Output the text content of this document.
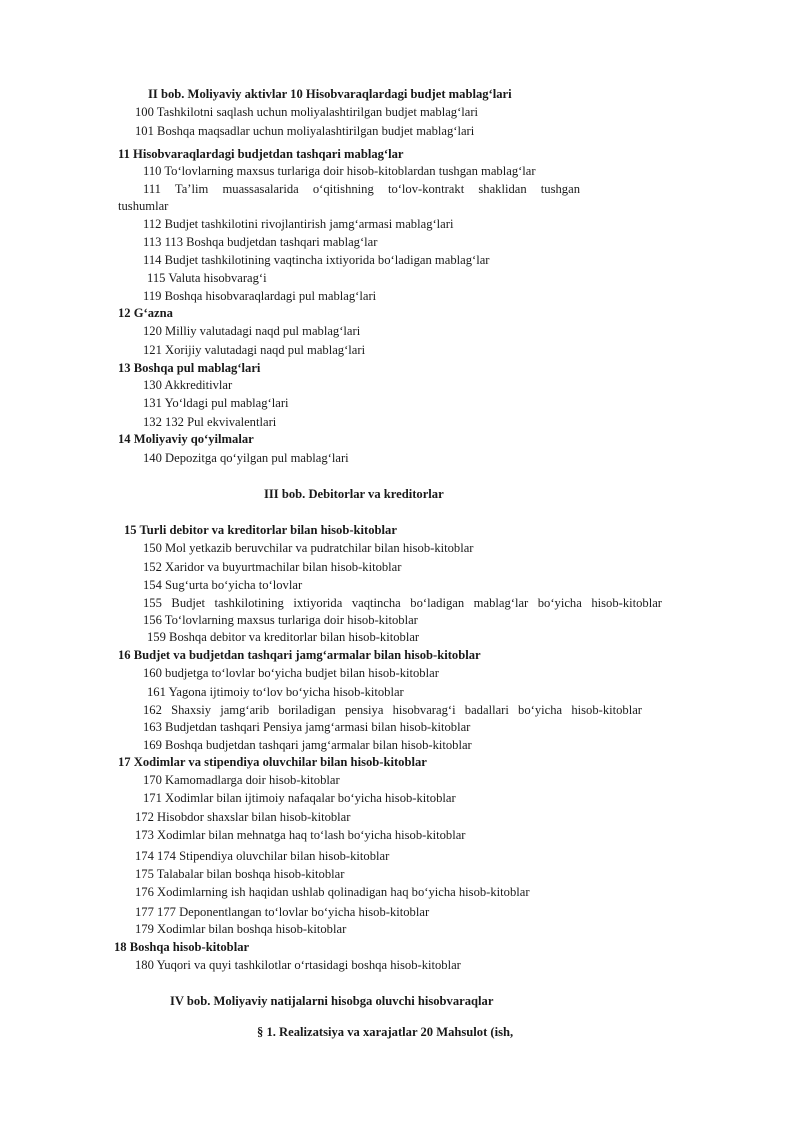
II bob. Moliyaviy aktivlar 10 Hisobvaraqlardagi budjet mablag‘lari
100 Tashkilotni saqlash uchun moliyalashtirilgan budjet mablag‘lari
101 Boshqa maqsadlar uchun moliyalashtirilgan budjet mablag‘lari
11 Hisobvaraqlardagi budjetdan tashqari mablag‘lar
110 To‘lovlarning maxsus turlariga doir hisob-kitoblardan tushgan mablag‘lar
111 Ta’lim muassasalarida o‘qitishning to‘lov-kontrakt shaklidan tushgan
tushumlar
112 Budjet tashkilotini rivojlantirish jamg‘armasi mablag‘lari
113 113 Boshqa budjetdan tashqari mablag‘lar
114 Budjet tashkilotining vaqtincha ixtiyorida bo‘ladigan mablag‘lar
115 Valuta hisobvarag‘i
119 Boshqa hisobvaraqlardagi pul mablag‘lari
12 G‘azna
120 Milliy valutadagi naqd pul mablag‘lari
121 Xorijiy valutadagi naqd pul mablag‘lari
13 Boshqa pul mablag‘lari
130 Akkreditivlar
131 Yo‘ldagi pul mablag‘lari
132 132 Pul ekvivalentlari
14 Moliyaviy qo‘yilmalar
140 Depozitga qo‘yilgan pul mablag‘lari
III bob. Debitorlar va kreditorlar
15 Turli debitor va kreditorlar bilan hisob-kitoblar
150 Mol yetkazib beruvchilar va pudratchilar bilan hisob-kitoblar
152 Xaridor va buyurtmachilar bilan hisob-kitoblar
154 Sug‘urta bo‘yicha to‘lovlar
155 Budjet tashkilotining ixtiyorida vaqtincha bo‘ladigan mablag‘lar bo‘yicha hisob-kitoblar
156 To‘lovlarning maxsus turlariga doir hisob-kitoblar
159 Boshqa debitor va kreditorlar bilan hisob-kitoblar
16 Budjet va budjetdan tashqari jamg‘armalar bilan hisob-kitoblar
160 budjetga to‘lovlar bo‘yicha budjet bilan hisob-kitoblar
161 Yagona ijtimoiy to‘lov bo‘yicha hisob-kitoblar
162 Shaxsiy jamg‘arib boriladigan pensiya hisobvarag‘i badallari bo‘yicha hisob-kitoblar
163 Budjetdan tashqari Pensiya jamg‘armasi bilan hisob-kitoblar
169 Boshqa budjetdan tashqari jamg‘armalar bilan hisob-kitoblar
17 Xodimlar va stipendiya oluvchilar bilan hisob-kitoblar
170 Kamomadlarga doir hisob-kitoblar
171 Xodimlar bilan ijtimoiy nafaqalar bo‘yicha hisob-kitoblar
172 Hisobdor shaxslar bilan hisob-kitoblar
173 Xodimlar bilan mehnatga haq to‘lash bo‘yicha hisob-kitoblar
174 174 Stipendiya oluvchilar bilan hisob-kitoblar
175 Talabalar bilan boshqa hisob-kitoblar
176 Xodimlarning ish haqidan ushlab qolinadigan haq bo‘yicha hisob-kitoblar
177 177 Deponentlangan to‘lovlar bo‘yicha hisob-kitoblar
179 Xodimlar bilan boshqa hisob-kitoblar
18 Boshqa hisob-kitoblar
180 Yuqori va quyi tashkilotlar o‘rtasidagi boshqa hisob-kitoblar
IV bob. Moliyaviy natijalarni hisobga oluvchi hisobvaraqlar
§ 1. Realizatsiya va xarajatlar 20 Mahsulot (ish,
